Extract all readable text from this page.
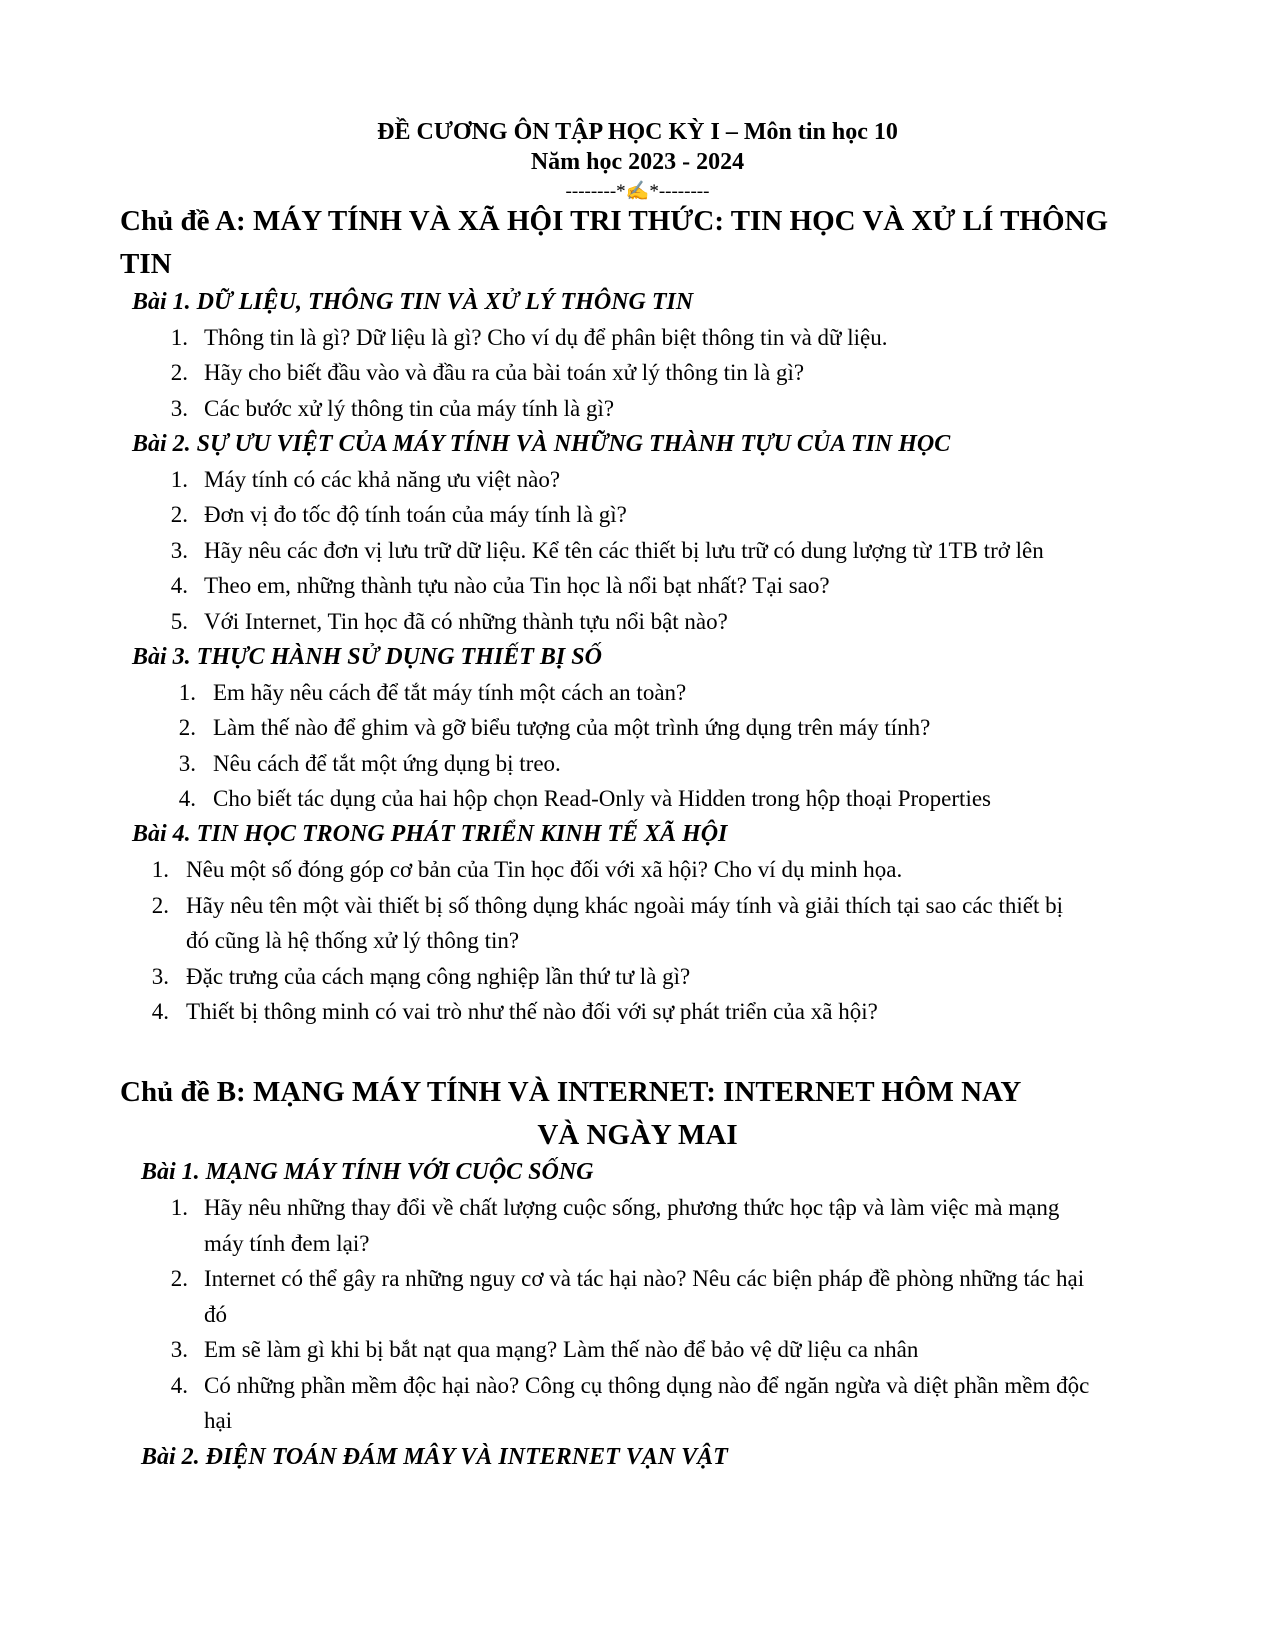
ĐỀ CƯƠNG ÔN TẬP HỌC KỲ I – Môn tin học 10
Năm học 2023 - 2024
--------*✍*--------
Chủ đề A: MÁY TÍNH VÀ XÃ HỘI TRI THỨC: TIN HỌC VÀ XỬ LÍ THÔNG
TIN
Bài 1. DỮ LIỆU, THÔNG TIN VÀ XỬ LÝ THÔNG TIN
1. Thông tin là gì? Dữ liệu là gì? Cho ví dụ để phân biệt thông tin và dữ liệu.
2. Hãy cho biết đầu vào và đầu ra của bài toán xử lý thông tin là gì?
3. Các bước xử lý thông tin của máy tính là gì?
Bài 2. SỰ ƯU VIỆT CỦA MÁY TÍNH VÀ NHỮNG THÀNH TỰU CỦA TIN HỌC
1. Máy tính có các khả năng ưu việt nào?
2. Đơn vị đo tốc độ tính toán của máy tính là gì?
3. Hãy nêu các đơn vị lưu trữ dữ liệu. Kể tên các thiết bị lưu trữ có dung lượng từ 1TB trở lên
4. Theo em, những thành tựu nào của Tin học là nổi bạt nhất? Tại sao?
5. Với Internet, Tin học đã có những thành tựu nổi bật nào?
Bài 3. THỰC HÀNH SỬ DỤNG THIẾT BỊ SỐ
1. Em hãy nêu cách để tắt máy tính một cách an toàn?
2. Làm thế nào để ghim và gỡ biểu tượng của một trình ứng dụng trên máy tính?
3. Nêu cách để tắt một ứng dụng bị treo.
4. Cho biết tác dụng của hai hộp chọn Read-Only và Hidden trong hộp thoại Properties
Bài 4. TIN HỌC TRONG PHÁT TRIỂN KINH TẾ XÃ HỘI
1. Nêu một số đóng góp cơ bản của Tin học đối với xã hội? Cho ví dụ minh họa.
2. Hãy nêu tên một vài thiết bị số thông dụng khác ngoài máy tính và giải thích tại sao các thiết bị
đó cũng là hệ thống xử lý thông tin?
3. Đặc trưng của cách mạng công nghiệp lần thứ tư là gì?
4. Thiết bị thông minh có vai trò như thế nào đối với sự phát triển của xã hội?
Chủ đề B: MẠNG MÁY TÍNH VÀ INTERNET: INTERNET HÔM NAY
VÀ NGÀY MAI
Bài 1. MẠNG MÁY TÍNH VỚI CUỘC SỐNG
1. Hãy nêu những thay đổi về chất lượng cuộc sống, phương thức học tập và làm việc mà mạng
máy tính đem lại?
2. Internet có thể gây ra những nguy cơ và tác hại nào? Nêu các biện pháp đề phòng những tác hại
đó
3. Em sẽ làm gì khi bị bắt nạt qua mạng? Làm thế nào để bảo vệ dữ liệu ca nhân
4. Có những phần mềm độc hại nào? Công cụ thông dụng nào để ngăn ngừa và diệt phần mềm độc
hại
Bài 2. ĐIỆN TOÁN ĐÁM MÂY VÀ INTERNET VẠN VẬT
